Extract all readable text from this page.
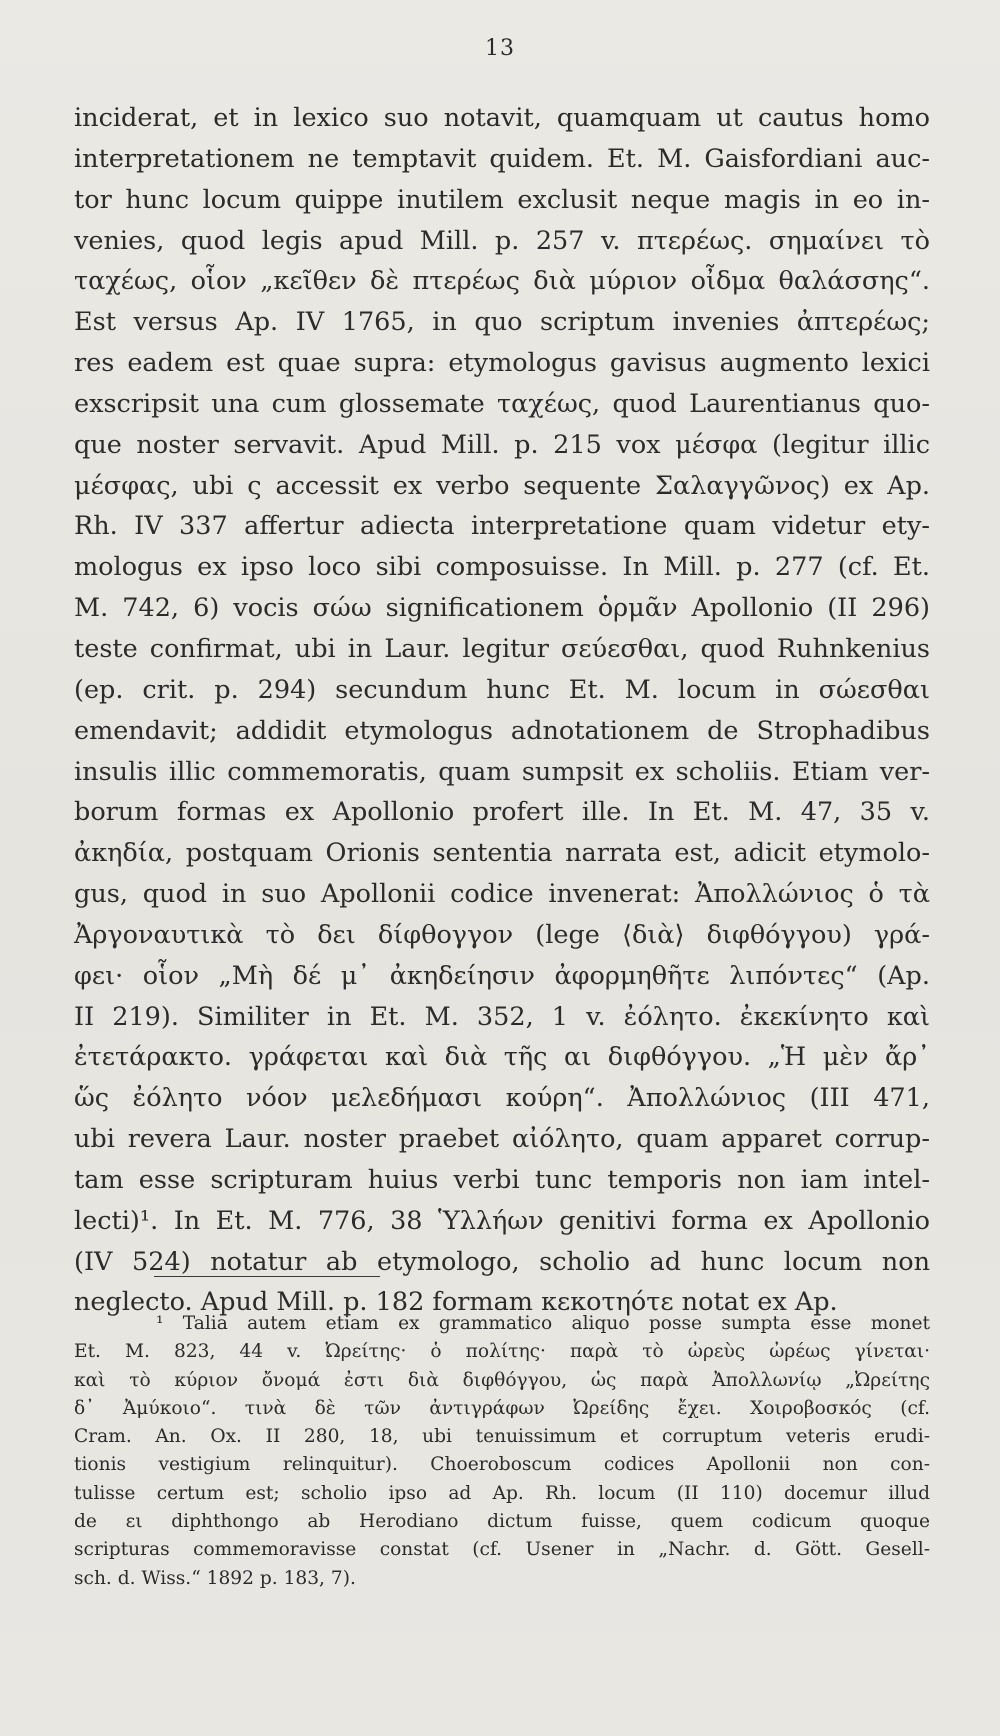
13
inciderat, et in lexico suo notavit, quamquam ut cautus homo
interpretationem ne temptavit quidem. Et. M. Gaisfordiani auc-
tor hunc locum quippe inutilem exclusit neque magis in eo in-
venies, quod legis apud Mill. p. 257 v. πτερέως. σημαίνει τὸ
ταχέως, οἷον „κεῖθεν δὲ πτερέως διὰ μύριον οἶδμα θαλάσσης“.
Est versus Ap. IV 1765, in quo scriptum invenies ἀπτερέως;
res eadem est quae supra: etymologus gavisus augmento lexici
exscripsit una cum glossemate ταχέως, quod Laurentianus quo-
que noster servavit. Apud Mill. p. 215 vox μέσφα (legitur illic
μέσφας, ubi ς accessit ex verbo sequente Σαλαγγῶνος) ex Ap.
Rh. IV 337 affertur adiecta interpretatione quam videtur ety-
mologus ex ipso loco sibi composuisse. In Mill. p. 277 (cf. Et.
M. 742, 6) vocis σώω significationem ὁρμᾶν Apollonio (II 296)
teste confirmat, ubi in Laur. legitur σεύεσθαι, quod Ruhnkenius
(ep. crit. p. 294) secundum hunc Et. M. locum in σώεσθαι
emendavit; addidit etymologus adnotationem de Strophadibus
insulis illic commemoratis, quam sumpsit ex scholiis. Etiam ver-
borum formas ex Apollonio profert ille. In Et. M. 47, 35 v.
ἀκηδία, postquam Orionis sententia narrata est, adicit etymolo-
gus, quod in suo Apollonii codice invenerat: Ἀπολλώνιος ὁ τὰ
Ἀργοναυτικὰ τὸ δει δίφθογγον (lege ⟨διὰ⟩ διφθόγγου) γρά-
φει· οἷον „Μὴ δέ μ᾽ ἀκηδείησιν ἀφορμηθῆτε λιπόντες“ (Ap.
II 219). Similiter in Et. M. 352, 1 v. ἐόλητο. ἐκεκίνητο καὶ
ἐτετάρακτο. γράφεται καὶ διὰ τῆς αι διφθόγγου. „Ἡ μὲν ἄρ᾽
ὥς ἐόλητο νόον μελεδήμασι κούρη“. Ἀπολλώνιος (III 471,
ubi revera Laur. noster praebet αἰόλητο, quam apparet corrup-
tam esse scripturam huius verbi tunc temporis non iam intel-
lecti)¹. In Et. M. 776, 38 Ὑλλήων genitivi forma ex Apollonio
(IV 524) notatur ab etymologo, scholio ad hunc locum non
neglecto. Apud Mill. p. 182 formam κεκοτηότε notat ex Ap.
¹ Talia autem etiam ex grammatico aliquo posse sumpta esse monet
Et. M. 823, 44 v. Ὠρείτης· ὁ πολίτης· παρὰ τὸ ὠρεὺς ὠρέως γίνεται·
καὶ τὸ κύριον ὄνομά ἐστι διὰ διφθόγγου, ὡς παρὰ Ἀπολλωνίῳ „Ὠρείτης
δ᾽ Ἀμύκοιο“. τινὰ δὲ τῶν ἀντιγράφων Ὠρείδης ἔχει. Χοιροβοσκός (cf.
Cram. An. Ox. II 280, 18, ubi tenuissimum et corruptum veteris erudi-
tionis vestigium relinquitur). Choeroboscum codices Apollonii non con-
tulisse certum est; scholio ipso ad Ap. Rh. locum (II 110) docemur illud
de ει diphthongo ab Herodiano dictum fuisse, quem codicum quoque
scripturas commemoravisse constat (cf. Usener in „Nachr. d. Gött. Gesell-
sch. d. Wiss.“ 1892 p. 183, 7).
